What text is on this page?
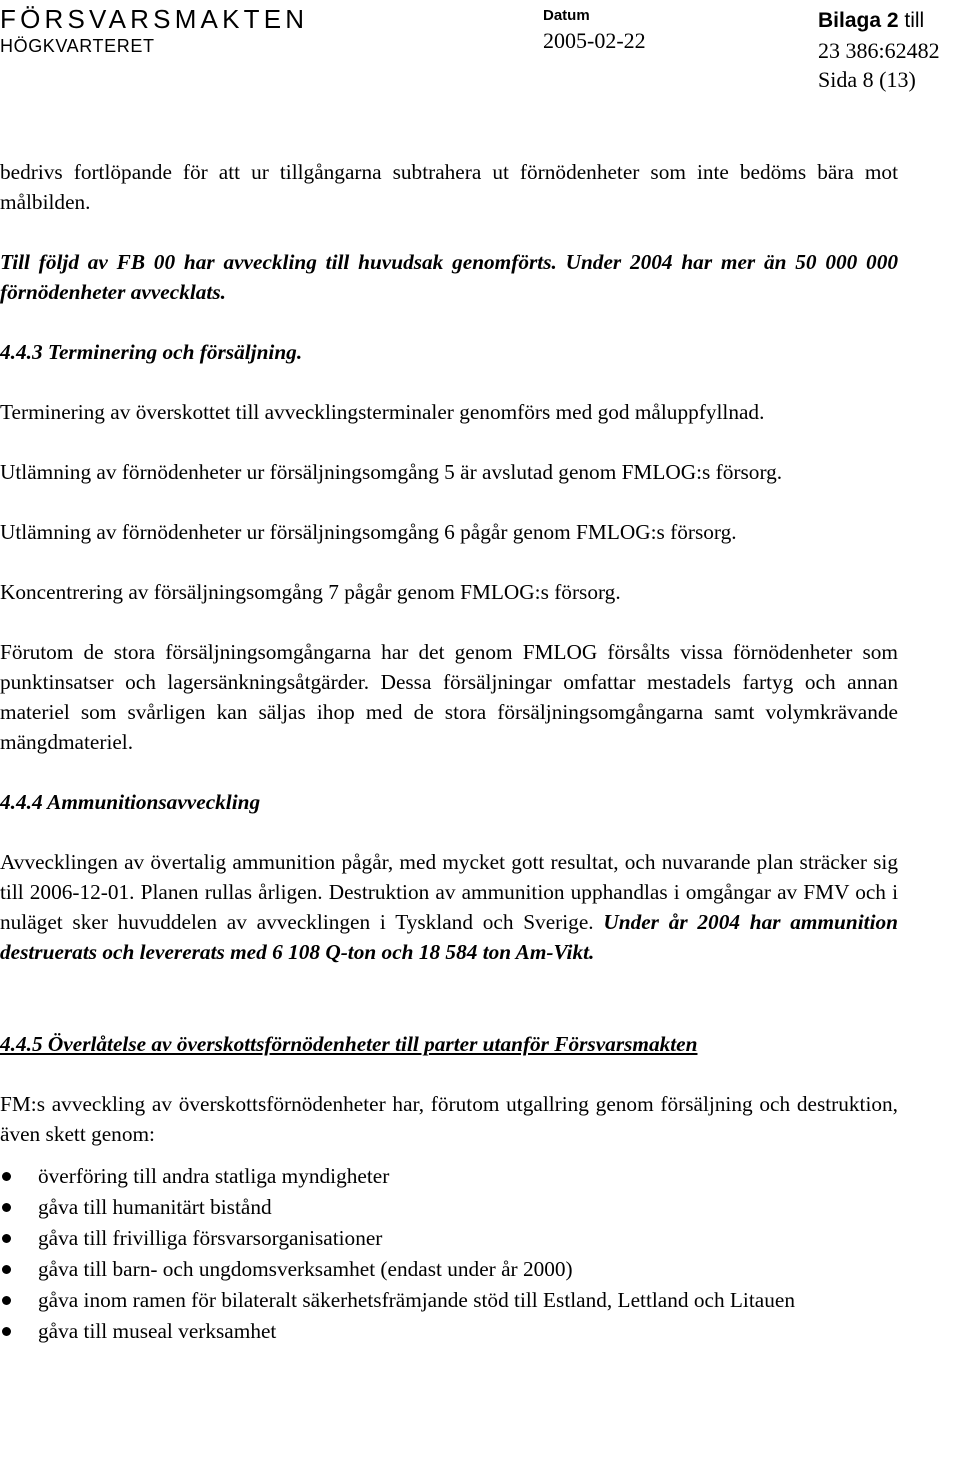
FÖRSVARSMAKTEN
HÖGKVARTERET
Datum
2005-02-22
Bilaga 2 till
23 386:62482
Sida 8 (13)

bedrivs fortlöpande för att ur tillgångarna subtrahera ut förnödenheter som inte bedöms bära mot målbilden.

Till följd av FB 00 har avveckling till huvudsak genomförts. Under 2004 har mer än 50 000 000 förnödenheter avvecklats.

4.4.3 Terminering och försäljning.

Terminering av överskottet till avvecklingsterminaler genomförs med god måluppfyllnad.

Utlämning av förnödenheter ur försäljningsomgång 5 är avslutad genom FMLOG:s försorg.

Utlämning av förnödenheter ur försäljningsomgång 6 pågår genom FMLOG:s försorg.

Koncentrering av försäljningsomgång 7 pågår genom FMLOG:s försorg.

Förutom de stora försäljningsomgångarna har det genom FMLOG försålts vissa förnödenheter som punktinsatser och lagersänkningsåtgärder. Dessa försäljningar omfattar mestadels fartyg och annan materiel som svårligen kan säljas ihop med de stora försäljningsomgångarna samt volymkrävande mängdmateriel.

4.4.4 Ammunitionsavveckling

Avvecklingen av övertalig ammunition pågår, med mycket gott resultat, och nuvarande plan sträcker sig till 2006-12-01. Planen rullas årligen. Destruktion av ammunition upphandlas i omgångar av FMV och i nuläget sker huvuddelen av avvecklingen i Tyskland och Sverige. Under år 2004 har ammunition destruerats och levererats med 6 108 Q-ton och 18 584 ton Am-Vikt.

4.4.5 Överlåtelse av överskottsförnödenheter till parter utanför Försvarsmakten

FM:s avveckling av överskottsförnödenheter har, förutom utgallring genom försäljning och destruktion, även skett genom:

överföring till andra statliga myndigheter
gåva till humanitärt bistånd
gåva till frivilliga försvarsorganisationer
gåva till barn- och ungdomsverksamhet (endast under år 2000)
gåva inom ramen för bilateralt säkerhetsfrämjande stöd till Estland, Lettland och Litauen
gåva till museal verksamhet
